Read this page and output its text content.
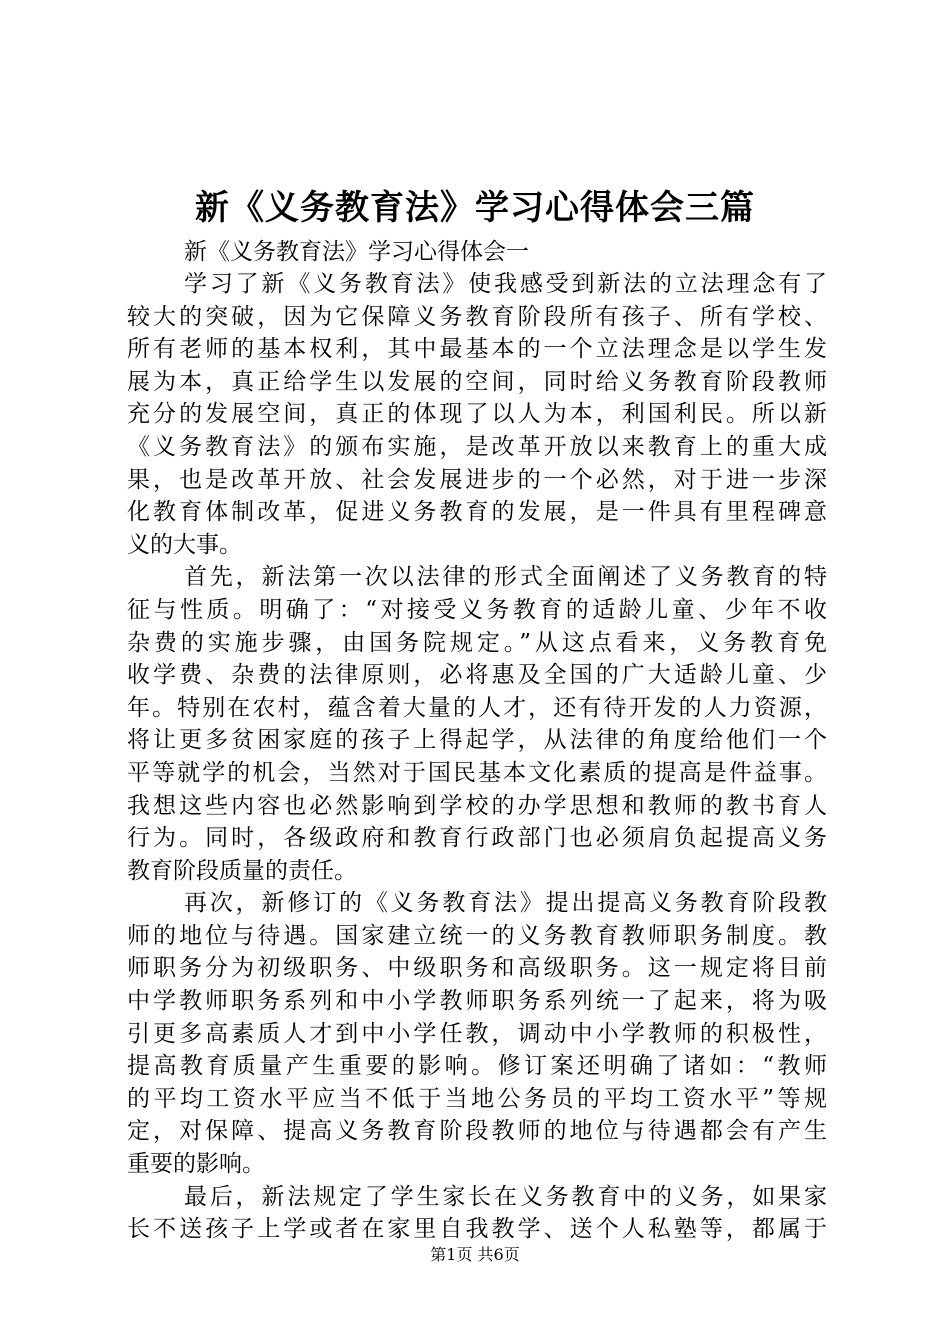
新《义务教育法》学习心得体会三篇
新《义务教育法》学习心得体会一
学习了新《义务教育法》使我感受到新法的立法理念有了
较大的突破，因为它保障义务教育阶段所有孩子、所有学校、
所有老师的基本权利，其中最基本的一个立法理念是以学生发
展为本，真正给学生以发展的空间，同时给义务教育阶段教师
充分的发展空间，真正的体现了以人为本，利国利民。所以新
《义务教育法》的颁布实施，是改革开放以来教育上的重大成
果，也是改革开放、社会发展进步的一个必然，对于进一步深
化教育体制改革，促进义务教育的发展，是一件具有里程碑意
义的大事。
首先，新法第一次以法律的形式全面阐述了义务教育的特
征与性质。明确了：“对接受义务教育的适龄儿童、少年不收
杂费的实施步骤，由国务院规定。”从这点看来，义务教育免
收学费、杂费的法律原则，必将惠及全国的广大适龄儿童、少
年。特别在农村，蕴含着大量的人才，还有待开发的人力资源，
将让更多贫困家庭的孩子上得起学，从法律的角度给他们一个
平等就学的机会，当然对于国民基本文化素质的提高是件益事。
我想这些内容也必然影响到学校的办学思想和教师的教书育人
行为。同时，各级政府和教育行政部门也必须肩负起提高义务
教育阶段质量的责任。
再次，新修订的《义务教育法》提出提高义务教育阶段教
师的地位与待遇。国家建立统一的义务教育教师职务制度。教
师职务分为初级职务、中级职务和高级职务。这一规定将目前
中学教师职务系列和中小学教师职务系列统一了起来，将为吸
引更多高素质人才到中小学任教，调动中小学教师的积极性，
提高教育质量产生重要的影响。修订案还明确了诸如：“教师
的平均工资水平应当不低于当地公务员的平均工资水平”等规
定，对保障、提高义务教育阶段教师的地位与待遇都会有产生
重要的影响。
最后，新法规定了学生家长在义务教育中的义务，如果家
长不送孩子上学或者在家里自我教学、送个人私塾等，都属于
第1页 共6页
